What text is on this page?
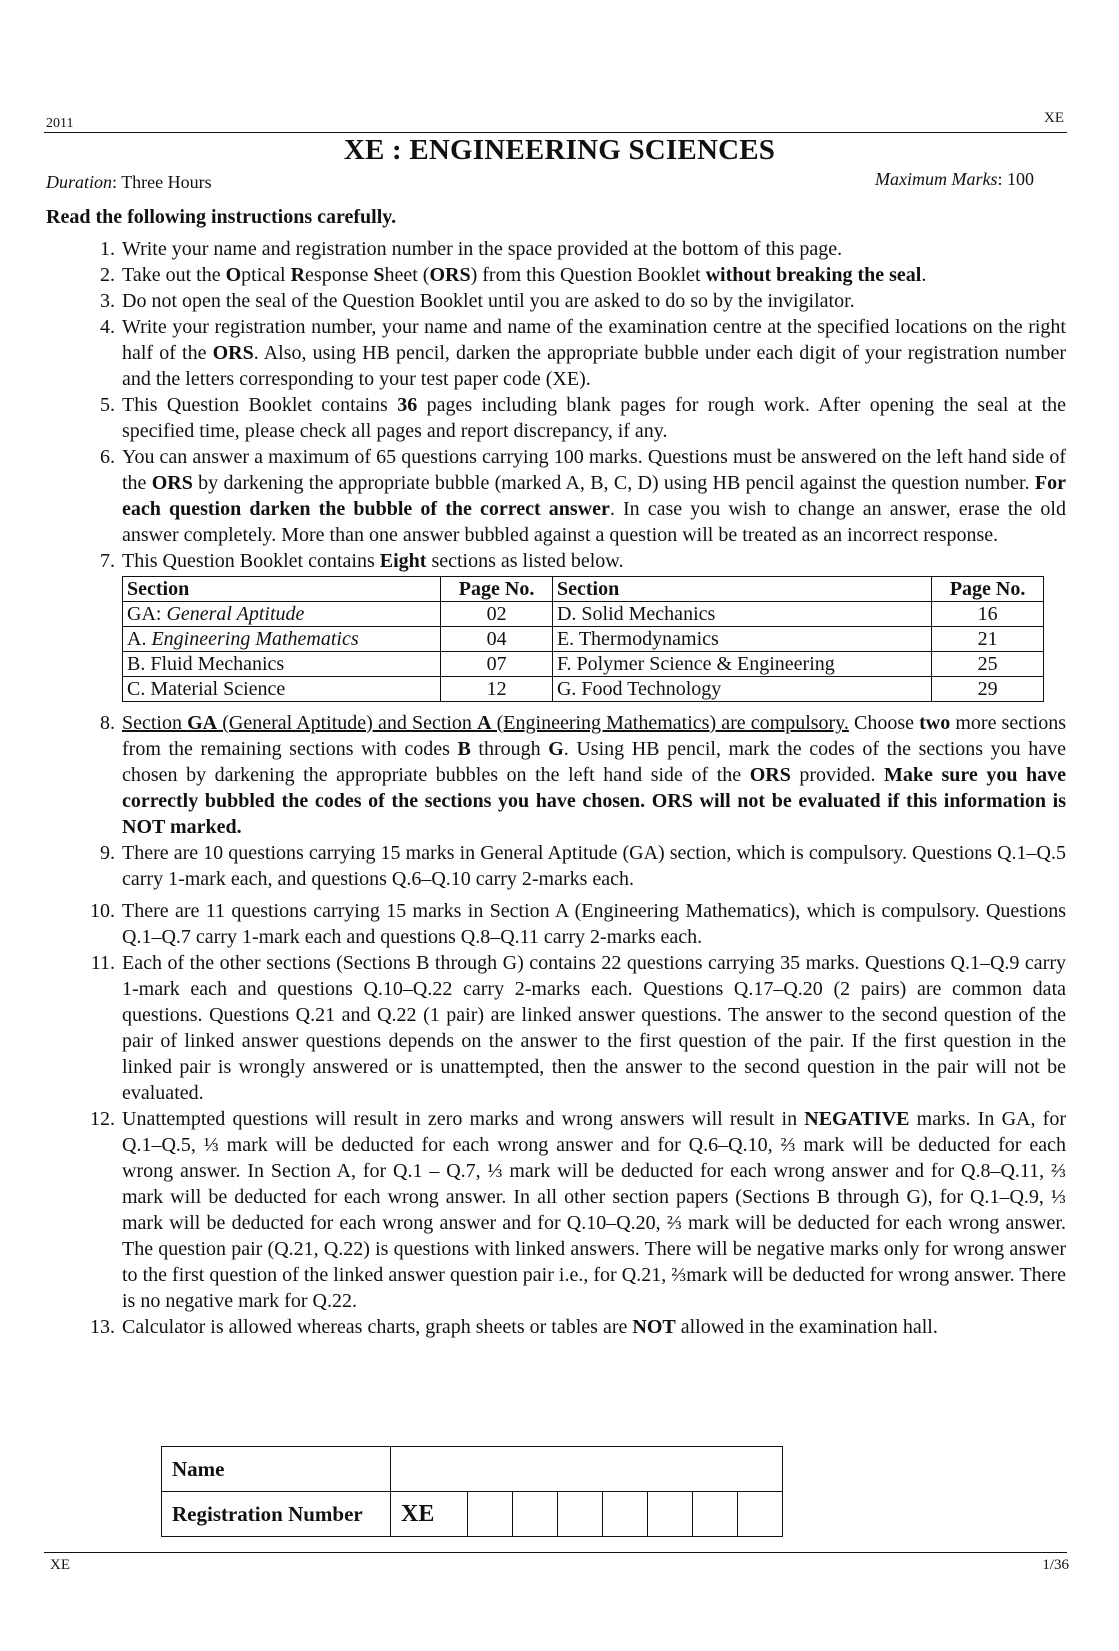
2011	XE
XE : ENGINEERING SCIENCES
Duration: Three Hours	Maximum Marks: 100
Read the following instructions carefully.
1. Write your name and registration number in the space provided at the bottom of this page.
2. Take out the Optical Response Sheet (ORS) from this Question Booklet without breaking the seal.
3. Do not open the seal of the Question Booklet until you are asked to do so by the invigilator.
4. Write your registration number, your name and name of the examination centre at the specified locations on the right half of the ORS. Also, using HB pencil, darken the appropriate bubble under each digit of your registration number and the letters corresponding to your test paper code (XE).
5. This Question Booklet contains 36 pages including blank pages for rough work. After opening the seal at the specified time, please check all pages and report discrepancy, if any.
6. You can answer a maximum of 65 questions carrying 100 marks. Questions must be answered on the left hand side of the ORS by darkening the appropriate bubble (marked A, B, C, D) using HB pencil against the question number. For each question darken the bubble of the correct answer. In case you wish to change an answer, erase the old answer completely. More than one answer bubbled against a question will be treated as an incorrect response.
7. This Question Booklet contains Eight sections as listed below.
Section	Page No.	Section	Page No.
GA: General Aptitude	02	D. Solid Mechanics	16
A. Engineering Mathematics	04	E. Thermodynamics	21
B. Fluid Mechanics	07	F. Polymer Science & Engineering	25
C. Material Science	12	G. Food Technology	29
8. Section GA (General Aptitude) and Section A (Engineering Mathematics) are compulsory. Choose two more sections from the remaining sections with codes B through G. Using HB pencil, mark the codes of the sections you have chosen by darkening the appropriate bubbles on the left hand side of the ORS provided. Make sure you have correctly bubbled the codes of the sections you have chosen. ORS will not be evaluated if this information is NOT marked.
9. There are 10 questions carrying 15 marks in General Aptitude (GA) section, which is compulsory. Questions Q.1–Q.5 carry 1-mark each, and questions Q.6–Q.10 carry 2-marks each.
10. There are 11 questions carrying 15 marks in Section A (Engineering Mathematics), which is compulsory. Questions Q.1–Q.7 carry 1-mark each and questions Q.8–Q.11 carry 2-marks each.
11. Each of the other sections (Sections B through G) contains 22 questions carrying 35 marks. Questions Q.1–Q.9 carry 1-mark each and questions Q.10–Q.22 carry 2-marks each. Questions Q.17–Q.20 (2 pairs) are common data questions. Questions Q.21 and Q.22 (1 pair) are linked answer questions. The answer to the second question of the pair of linked answer questions depends on the answer to the first question of the pair. If the first question in the linked pair is wrongly answered or is unattempted, then the answer to the second question in the pair will not be evaluated.
12. Unattempted questions will result in zero marks and wrong answers will result in NEGATIVE marks. In GA, for Q.1–Q.5, ⅓ mark will be deducted for each wrong answer and for Q.6–Q.10, ⅔ mark will be deducted for each wrong answer. In Section A, for Q.1 – Q.7, ⅓ mark will be deducted for each wrong answer and for Q.8–Q.11, ⅔ mark will be deducted for each wrong answer. In all other section papers (Sections B through G), for Q.1–Q.9, ⅓ mark will be deducted for each wrong answer and for Q.10–Q.20, ⅔ mark will be deducted for each wrong answer. The question pair (Q.21, Q.22) is questions with linked answers. There will be negative marks only for wrong answer to the first question of the linked answer question pair i.e., for Q.21, ⅔mark will be deducted for wrong answer. There is no negative mark for Q.22.
13. Calculator is allowed whereas charts, graph sheets or tables are NOT allowed in the examination hall.
Name								
Registration Number	XE							
XE	1/36
